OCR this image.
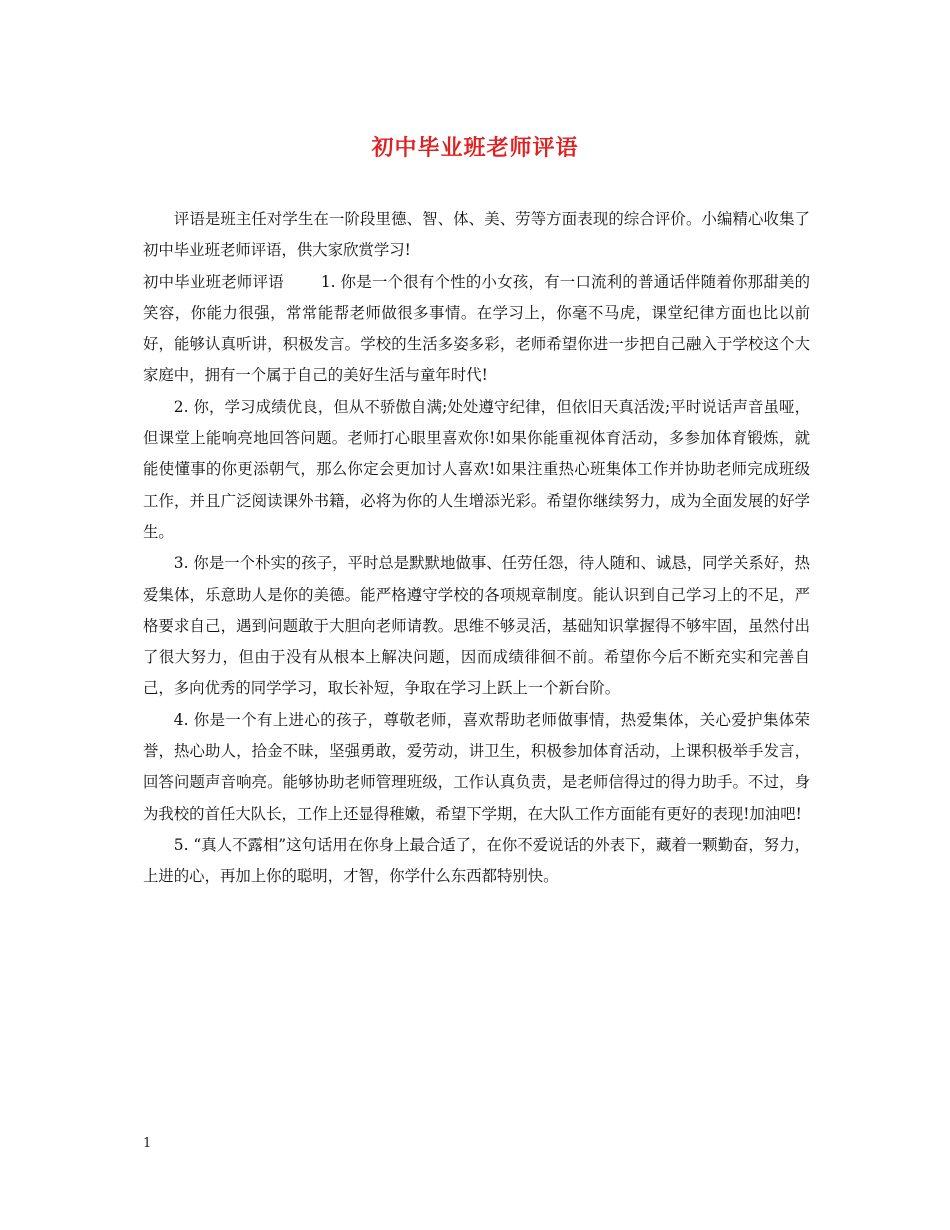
初中毕业班老师评语

评语是班主任对学生在一阶段里德、智、体、美、劳等方面表现的综合评价。小编精心收集了初中毕业班老师评语，供大家欣赏学习!

初中毕业班老师评语 1. 你是一个很有个性的小女孩，有一口流利的普通话伴随着你那甜美的笑容，你能力很强，常常能帮老师做很多事情。在学习上，你毫不马虎，课堂纪律方面也比以前好，能够认真听讲，积极发言。学校的生活多姿多彩，老师希望你进一步把自己融入于学校这个大家庭中，拥有一个属于自己的美好生活与童年时代!

2. 你，学习成绩优良，但从不骄傲自满;处处遵守纪律，但依旧天真活泼;平时说话声音虽哑，但课堂上能响亮地回答问题。老师打心眼里喜欢你!如果你能重视体育活动，多参加体育锻炼，就能使懂事的你更添朝气，那么你定会更加讨人喜欢!如果注重热心班集体工作并协助老师完成班级工作，并且广泛阅读课外书籍，必将为你的人生增添光彩。希望你继续努力，成为全面发展的好学生。

3. 你是一个朴实的孩子，平时总是默默地做事、任劳任怨，待人随和、诚恳，同学关系好，热爱集体，乐意助人是你的美德。能严格遵守学校的各项规章制度。能认识到自己学习上的不足，严格要求自己，遇到问题敢于大胆向老师请教。思维不够灵活，基础知识掌握得不够牢固，虽然付出了很大努力，但由于没有从根本上解决问题，因而成绩徘徊不前。希望你今后不断充实和完善自己，多向优秀的同学学习，取长补短，争取在学习上跃上一个新台阶。

4. 你是一个有上进心的孩子，尊敬老师，喜欢帮助老师做事情，热爱集体，关心爱护集体荣誉，热心助人，拾金不昧，坚强勇敢，爱劳动，讲卫生，积极参加体育活动，上课积极举手发言，回答问题声音响亮。能够协助老师管理班级，工作认真负责，是老师信得过的得力助手。不过，身为我校的首任大队长，工作上还显得稚嫩，希望下学期，在大队工作方面能有更好的表现!加油吧!

5. “真人不露相”这句话用在你身上最合适了，在你不爱说话的外表下，藏着一颗勤奋，努力，上进的心，再加上你的聪明，才智，你学什么东西都特别快。

1
